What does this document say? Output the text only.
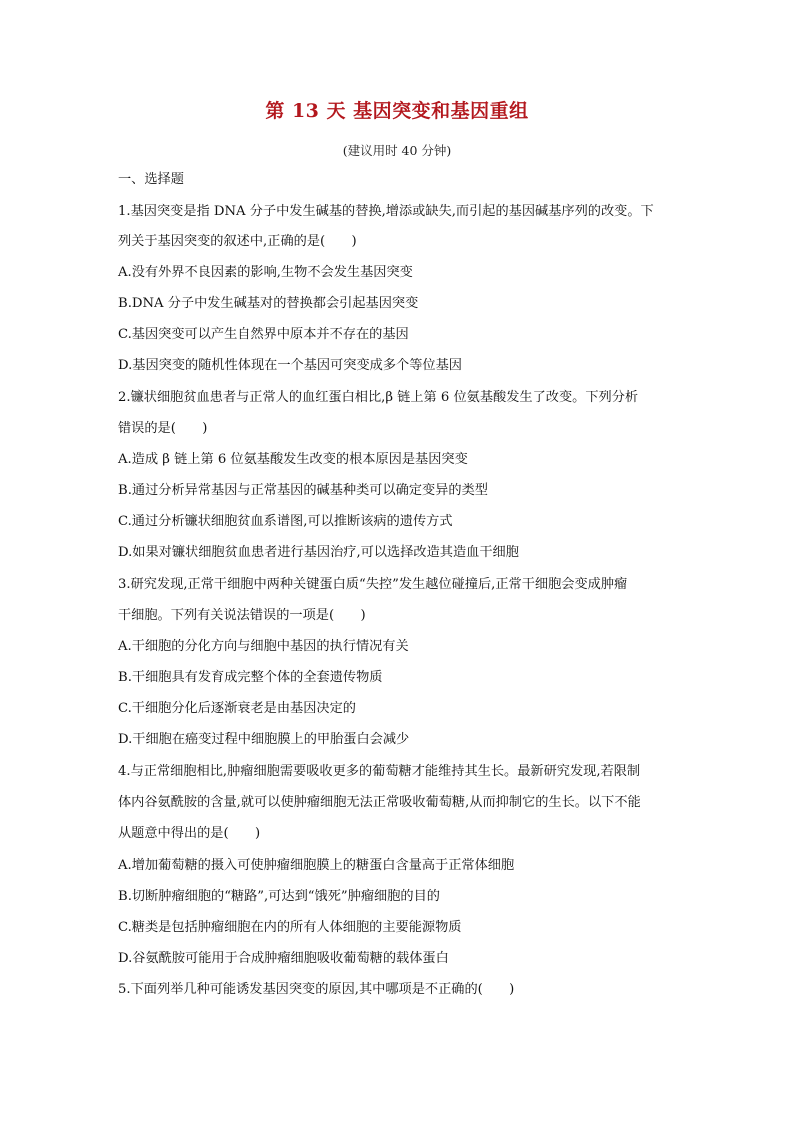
第 13 天 基因突变和基因重组
(建议用时 40 分钟)
一、选择题
1.基因突变是指 DNA 分子中发生碱基的替换,增添或缺失,而引起的基因碱基序列的改变。下
列关于基因突变的叙述中,正确的是(　　)
A.没有外界不良因素的影响,生物不会发生基因突变
B.DNA 分子中发生碱基对的替换都会引起基因突变
C.基因突变可以产生自然界中原本并不存在的基因
D.基因突变的随机性体现在一个基因可突变成多个等位基因
2.镰状细胞贫血患者与正常人的血红蛋白相比,β 链上第 6 位氨基酸发生了改变。下列分析
错误的是(　　)
A.造成 β 链上第 6 位氨基酸发生改变的根本原因是基因突变
B.通过分析异常基因与正常基因的碱基种类可以确定变异的类型
C.通过分析镰状细胞贫血系谱图,可以推断该病的遗传方式
D.如果对镰状细胞贫血患者进行基因治疗,可以选择改造其造血干细胞
3.研究发现,正常干细胞中两种关键蛋白质“失控”发生越位碰撞后,正常干细胞会变成肿瘤
干细胞。下列有关说法错误的一项是(　　)
A.干细胞的分化方向与细胞中基因的执行情况有关
B.干细胞具有发育成完整个体的全套遗传物质
C.干细胞分化后逐渐衰老是由基因决定的
D.干细胞在癌变过程中细胞膜上的甲胎蛋白会减少
4.与正常细胞相比,肿瘤细胞需要吸收更多的葡萄糖才能维持其生长。最新研究发现,若限制
体内谷氨酰胺的含量,就可以使肿瘤细胞无法正常吸收葡萄糖,从而抑制它的生长。以下不能
从题意中得出的是(　　)
A.增加葡萄糖的摄入可使肿瘤细胞膜上的糖蛋白含量高于正常体细胞
B.切断肿瘤细胞的“糖路”,可达到“饿死”肿瘤细胞的目的
C.糖类是包括肿瘤细胞在内的所有人体细胞的主要能源物质
D.谷氨酰胺可能用于合成肿瘤细胞吸收葡萄糖的载体蛋白
5.下面列举几种可能诱发基因突变的原因,其中哪项是不正确的(　　)
